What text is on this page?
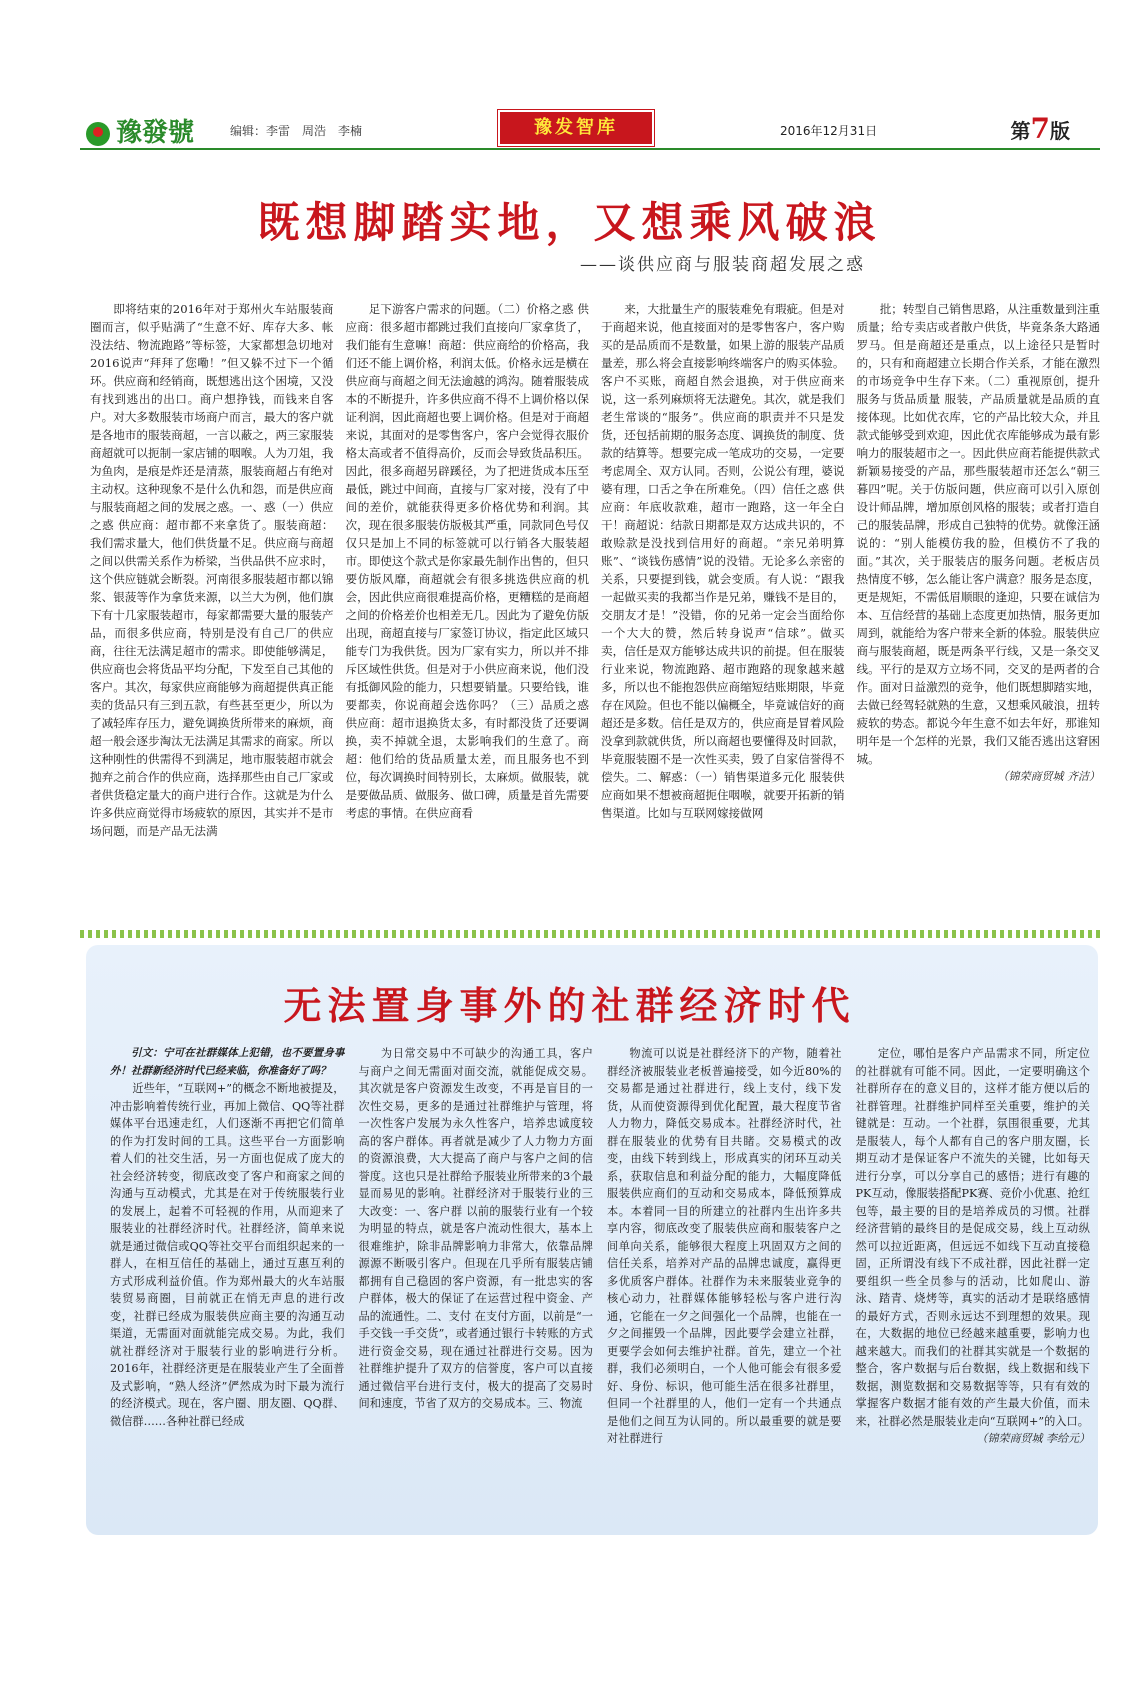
豫發號	编辑：李雷　周浩　李楠	豫发智库	2016年12月31日	第7版
既想脚踏实地，又想乘风破浪
——谈供应商与服装商超发展之惑

即将结束的2016年对于郑州火车站服装商圈而言，似乎贴满了“生意不好、库存大多、帐没法结、物流跑路”等标签，大家都想急切地对2016说声“拜拜了您嘞！”但又躲不过下一个循环。供应商和经销商，既想逃出这个困境，又没有找到逃出的出口。商户想挣钱，而钱来自客户。对大多数服装市场商户而言，最大的客户就是各地市的服装商超，一言以蔽之，两三家服装商超就可以扼制一家店铺的咽喉。人为刀俎，我为鱼肉，是痕是炸还是清蒸，服装商超占有绝对主动权。这种现象不是什么仇和怨，而是供应商与服装商超之间的发展之惑。一、惑（一）供应之惑 供应商：超市都不来拿货了。服装商超：我们需求量大，他们供货量不足。供应商与商超之间以供需关系作为桥梁，当供品供不应求时，这个供应链就会断裂。河南很多服装超市都以锦浆、银菠等作为拿货来源，以兰大为例，他们旗下有十几家服装超市，每家都需要大量的服装产品，而很多供应商，特别是没有自己厂的供应商，往往无法满足超市的需求。即使能够满足，供应商也会将货品平均分配，下发至自己其他的客户。其次，每家供应商能够为商超提供真正能卖的货品只有三到五款，有些甚至更少，所以为了减轻库存压力，避免调换货所带来的麻烦，商超一般会逐步淘汰无法满足其需求的商家。所以这种刚性的供需得不到满足，地市服装超市就会抛弃之前合作的供应商，选择那些由自己厂家或者供货稳定量大的商户进行合作。这就是为什么许多供应商觉得市场疲软的原因，其实并不是市场问题，而是产品无法满

足下游客户需求的问题。（二）价格之惑 供应商：很多超市都跳过我们直接向厂家拿货了，我们能有生意嘛！商超：供应商给的价格高，我们还不能上调价格，利润太低。价格永远是横在供应商与商超之间无法逾越的鸿沟。随着服装成本的不断提升，许多供应商不得不上调价格以保证利润，因此商超也要上调价格。但是对于商超来说，其面对的是零售客户，客户会觉得衣服价格太高或者不值得高价，反而会导致货品积压。因此，很多商超另辟蹊径，为了把进货成本压至最低，跳过中间商，直接与厂家对接，没有了中间的差价，就能获得更多价格优势和利润。其次，现在很多服装仿版极其严重，同款同色号仅仅只是加上不同的标签就可以行销各大服装超市。即使这个款式是你家最先制作出售的，但只要仿版风靡，商超就会有很多挑选供应商的机会，因此供应商很难提高价格，更糟糕的是商超之间的价格差价也相差无几。因此为了避免仿版出现，商超直接与厂家签订协议，指定此区域只能专门为我供货。因为厂家有实力，所以并不排斥区域性供货。但是对于小供应商来说，他们没有抵御风险的能力，只想要销量。只要给钱，谁要都卖，你说商超会选你吗？（三）品质之惑 供应商：超市退换货太多，有时都没货了还要调换，卖不掉就全退，太影响我们的生意了。商超：他们给的货品质量太差，而且服务也不到位，每次调换时间特别长，太麻烦。做服装，就是要做品质、做服务、做口碑，质量是首先需要考虑的事情。在供应商看

来，大批量生产的服装难免有瑕疵。但是对于商超来说，他直接面对的是零售客户，客户购买的是品质而不是数量，如果上游的服装产品质量差，那么将会直接影响终端客户的购买体验。客户不买账，商超自然会退换，对于供应商来说，这一系列麻烦将无法避免。其次，就是我们老生常谈的“服务”。供应商的职责并不只是发货，还包括前期的服务态度、调换货的制度、货款的结算等。想要完成一笔成功的交易，一定要考虑周全、双方认同。否则，公说公有理，婆说婆有理，口舌之争在所难免。（四）信任之惑 供应商：年底收款难，超市一跑路，这一年全白干！商超说：结款日期都是双方达成共识的，不敢赊款是没找到信用好的商超。“亲兄弟明算账”、“谈钱伤感情”说的没错。无论多么亲密的关系，只要提到钱，就会变质。有人说：“跟我一起做买卖的我都当作是兄弟，赚钱不是目的，交朋友才是！”没错，你的兄弟一定会当面给你一个大大的赞，然后转身说声“信球”。做买卖，信任是双方能够达成共识的前提。但在服装行业来说，物流跑路、超市跑路的现象越来越多，所以也不能抱怨供应商缩短结账期限，毕竟存在风险。但也不能以偏概全，毕竟诚信好的商超还是多数。信任是双方的，供应商是冒着风险没拿到款就供货，所以商超也要懂得及时回款，毕竟服装圈不是一次性买卖，毁了自家信誉得不偿失。二、解惑：（一）销售渠道多元化 服装供应商如果不想被商超扼住咽喉，就要开拓新的销售渠道。比如与互联网嫁接做网

批；转型自己销售思路，从注重数量到注重质量；给专卖店或者散户供货，毕竟条条大路通罗马。但是商超还是重点，以上途径只是暂时的，只有和商超建立长期合作关系，才能在激烈的市场竞争中生存下来。（二）重视原创，提升服务与货品质量 服装，产品质量就是品质的直接体现。比如优衣库，它的产品比较大众，并且款式能够受到欢迎，因此优衣库能够成为最有影响力的服装超市之一。因此供应商若能提供款式新颖易接受的产品，那些服装超市还怎么“朝三暮四”呢。关于仿版问题，供应商可以引入原创设计师品牌，增加原创风格的服装；或者打造自己的服装品牌，形成自己独特的优势。就像汪涵说的：“别人能模仿我的脸，但模仿不了我的面。”其次，关于服装店的服务问题。老板店员热情度不够，怎么能让客户满意？服务是态度，更是规矩，不需低眉顺眼的逢迎，只要在诚信为本、互信经营的基础上态度更加热情，服务更加周到，就能给为客户带来全新的体验。服装供应商与服装商超，既是两条平行线，又是一条交叉线。平行的是双方立场不同，交叉的是两者的合作。面对日益激烈的竞争，他们既想脚踏实地，去做已经驾轻就熟的生意，又想乘风破浪，扭转疲软的势态。都说今年生意不如去年好，那谁知明年是一个怎样的光景，我们又能否逃出这窘困城。

（锦荣商贸城 齐洁）
无法置身事外的社群经济时代

引文：宁可在社群媒体上犯错，也不要置身事外！社群新经济时代已经来临，你准备好了吗？

近些年，“互联网+”的概念不断地被提及，冲击影响着传统行业，再加上微信、QQ等社群媒体平台迅速走红，人们逐渐不再把它们简单的作为打发时间的工具。这些平台一方面影响着人们的社交生活，另一方面也促成了庞大的社会经济转变，彻底改变了客户和商家之间的沟通与互动模式，尤其是在对于传统服装行业的发展上，起着不可轻视的作用，从而迎来了服装业的社群经济时代。社群经济，简单来说就是通过微信或QQ等社交平台而组织起来的一群人，在相互信任的基础上，通过互惠互利的方式形成利益价值。作为郑州最大的火车站服装贸易商圈，目前就正在悄无声息的进行改变，社群已经成为服装供应商主要的沟通互动渠道，无需面对面就能完成交易。为此，我们就社群经济对于服装行业的影响进行分析。2016年，社群经济更是在服装业产生了全面普及式影响，“熟人经济”俨然成为时下最为流行的经济模式。现在，客户圈、朋友圈、QQ群、微信群……各种社群已经成

为日常交易中不可缺少的沟通工具，客户与商户之间无需面对面交流，就能促成交易。其次就是客户资源发生改变，不再是盲目的一次性交易，更多的是通过社群维护与管理，将一次性客户发展为永久性客户，培养忠诚度较高的客户群体。再者就是减少了人力物力方面的资源浪费，大大提高了商户与客户之间的信誉度。这也只是社群给予服装业所带来的3个最显而易见的影响。社群经济对于服装行业的三大改变：一、客户群 以前的服装行业有一个较为明显的特点，就是客户流动性很大，基本上很难维护，除非品牌影响力非常大，依靠品牌源源不断吸引客户。但现在几乎所有服装店铺都拥有自己稳固的客户资源，有一批忠实的客户群体，极大的保证了在运营过程中资金、产品的流通性。二、支付 在支付方面，以前是“一手交钱一手交货”，或者通过银行卡转账的方式进行资金交易，现在通过社群进行交易。因为社群维护提升了双方的信誉度，客户可以直接通过微信平台进行支付，极大的提高了交易时间和速度，节省了双方的交易成本。三、物流

物流可以说是社群经济下的产物，随着社群经济被服装业老板普遍接受，如今近80%的交易都是通过社群进行，线上支付，线下发货，从而使资源得到优化配置，最大程度节省人力物力，降低交易成本。社群经济时代，社群在服装业的优势有目共睹。交易模式的改变，由线下转到线上，形成真实的闭环互动关系，获取信息和利益分配的能力，大幅度降低服装供应商们的互动和交易成本，降低预算成本。本着同一目的所建立的社群内生出许多共享内容，彻底改变了服装供应商和服装客户之间单向关系，能够很大程度上巩固双方之间的信任关系，培养对产品的品牌忠诚度，赢得更多优质客户群体。社群作为未来服装业竞争的核心动力，社群媒体能够轻松与客户进行沟通，它能在一夕之间强化一个品牌，也能在一夕之间摧毁一个品牌，因此要学会建立社群，更要学会如何去维护社群。首先，建立一个社群，我们必须明白，一个人他可能会有很多爱好、身份、标识，他可能生活在很多社群里，但同一个社群里的人，他们一定有一个共通点是他们之间互为认同的。所以最重要的就是要对社群进行

定位，哪怕是客户产品需求不同，所定位的社群就有可能不同。因此，一定要明确这个社群所存在的意义目的，这样才能方便以后的社群管理。社群维护同样至关重要，维护的关键就是：互动。一个社群，氛围很重要，尤其是服装人，每个人都有自己的客户朋友圈，长期互动才是保证客户不流失的关键，比如每天进行分享，可以分享自己的感悟；进行有趣的PK互动，像服装搭配PK赛、竞价小优惠、抢红包等，最主要的目的是培养成员的习惯。社群经济营销的最终目的是促成交易，线上互动纵然可以拉近距离，但远远不如线下互动直接稳固，正所谓没有线下不成社群，因此社群一定要组织一些全员参与的活动，比如爬山、游泳、踏青、烧烤等，真实的活动才是联络感情的最好方式，否则永远达不到理想的效果。现在，大数据的地位已经越来越重要，影响力也越来越大。而我们的社群其实就是一个数据的整合，客户数据与后台数据，线上数据和线下数据，测览数据和交易数据等等，只有有效的掌握客户数据才能有效的产生最大价值，而未来，社群必然是服装业走向“互联网+”的入口。

（锦荣商贸城 李给元）
